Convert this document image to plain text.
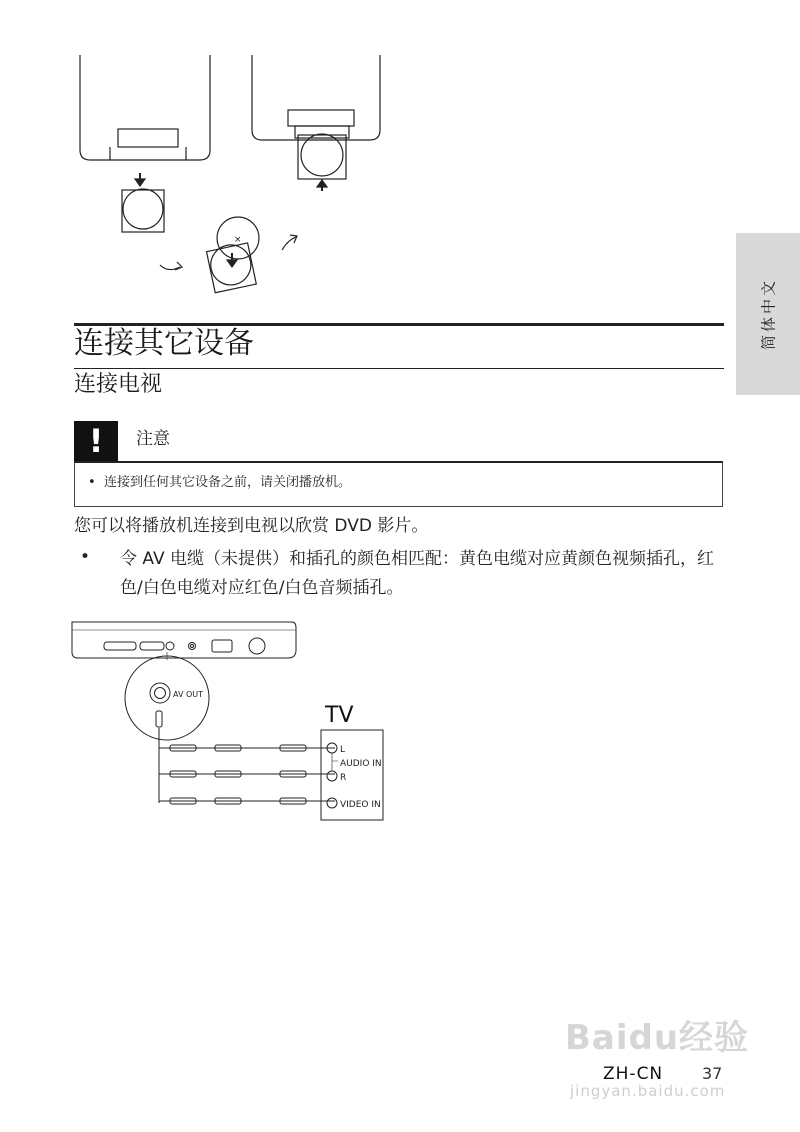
×
简体中文
连接其它设备
连接电视
!	注意
•  连接到任何其它设备之前，请关闭播放机。
您可以将播放机连接到电视以欣赏 DVD 影片。
• 令 AV 电缆（未提供）和插孔的颜色相匹配：黄色电缆对应黄颜色视频插孔，红色/白色电缆对应红色/白色音频插孔。
AV OUT
TV
L
AUDIO IN
R
VIDEO IN
Baidu经验
jingyan.baidu.com
ZH-CN 37
